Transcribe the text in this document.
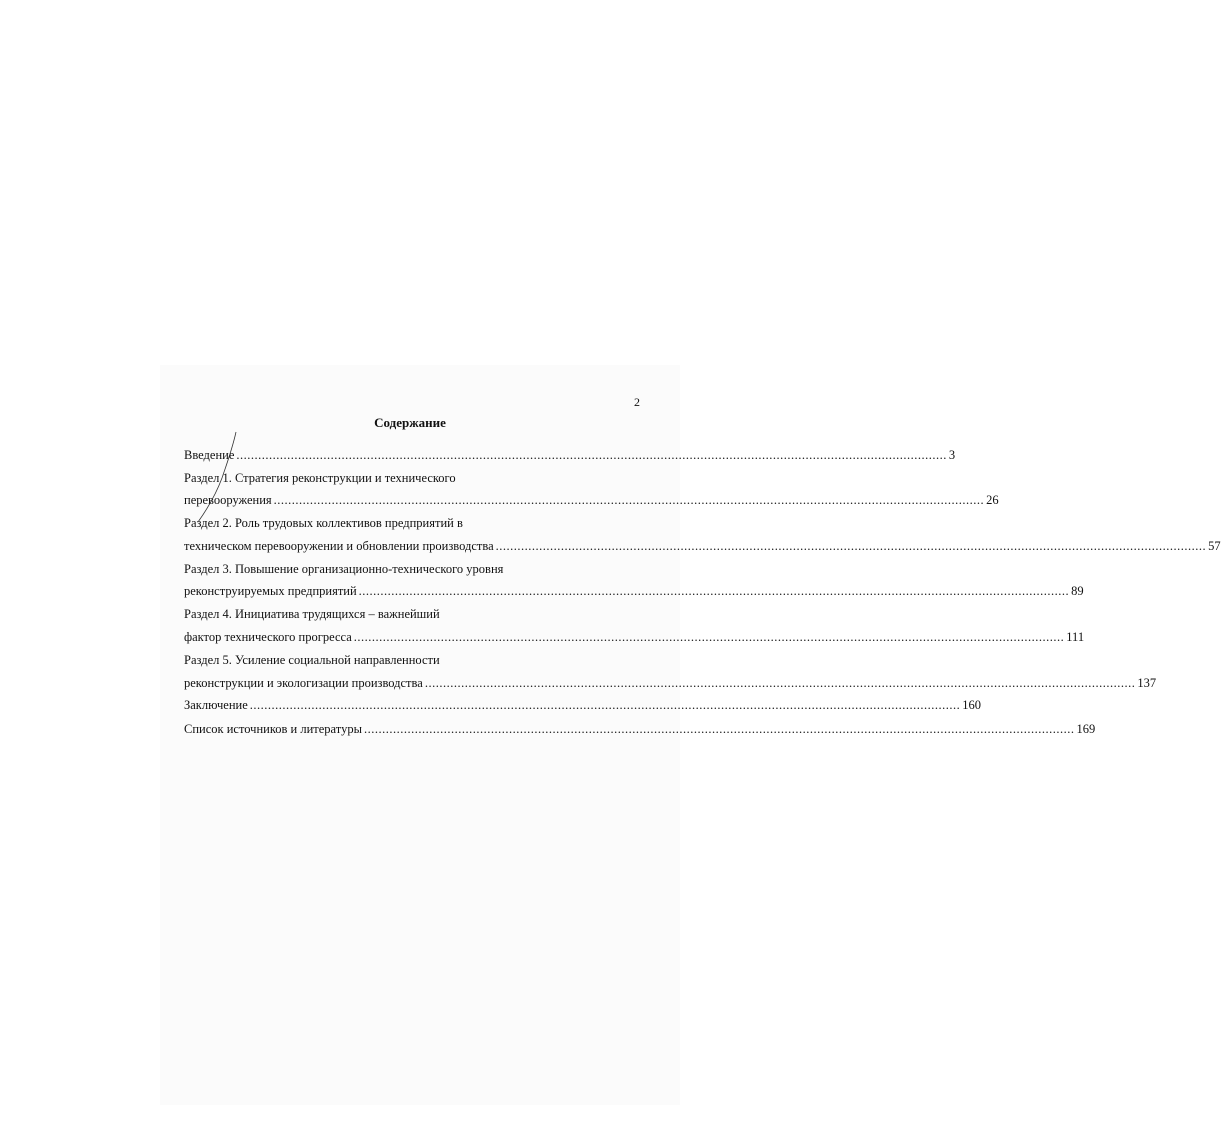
2
Содержание
Введение .................................................................................................................................................................................................... 3
Раздел 1. Стратегия реконструкции и технического
перевооружения .................................................................................................................................................................................................... 26
Раздел 2. Роль трудовых коллективов предприятий в
техническом перевооружении и обновлении производства .................................................................................................................................................................................................... 57
Раздел 3. Повышение организационно-технического уровня
реконструируемых предприятий .................................................................................................................................................................................................... 89
Раздел 4. Инициатива трудящихся – важнейший
фактор технического прогресса .................................................................................................................................................................................................... 111
Раздел 5. Усиление социальной направленности
реконструкции и экологизации производства .................................................................................................................................................................................................... 137
Заключение .................................................................................................................................................................................................... 160
Список источников и литературы .................................................................................................................................................................................................... 169
